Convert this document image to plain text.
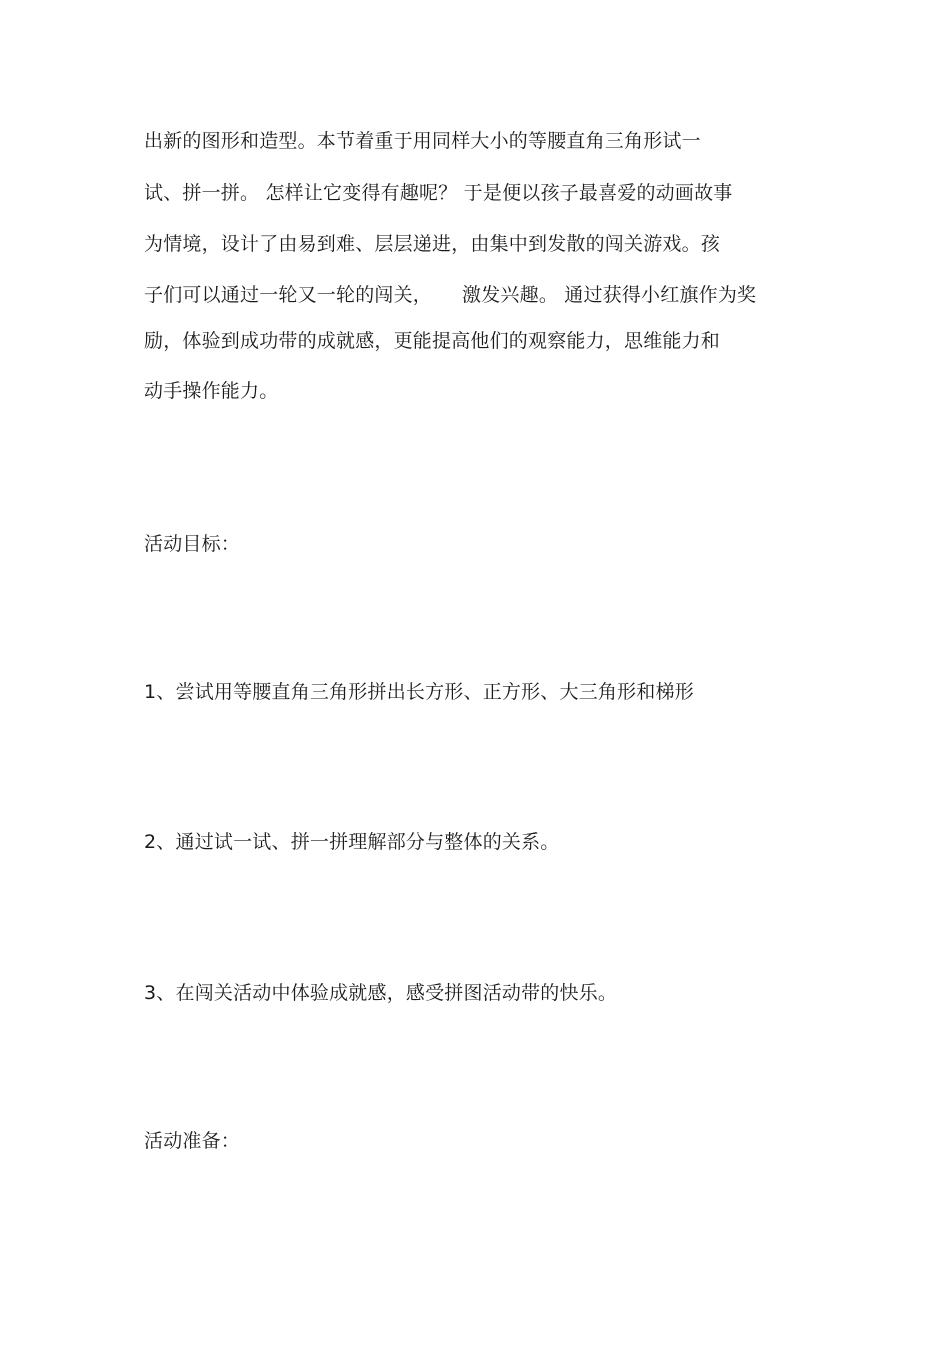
出新的图形和造型。本节着重于用同样大小的等腰直角三角形试一
试、拼一拼。 怎样让它变得有趣呢？ 于是便以孩子最喜爱的动画故事
为情境，设计了由易到难、层层递进，由集中到发散的闯关游戏。孩
子们可以通过一轮又一轮的闯关， 激发兴趣。 通过获得小红旗作为奖
励，体验到成功带的成就感，更能提高他们的观察能力，思维能力和
动手操作能力。
活动目标：
1、尝试用等腰直角三角形拼出长方形、正方形、大三角形和梯形
2、通过试一试、拼一拼理解部分与整体的关系。
3、在闯关活动中体验成就感，感受拼图活动带的快乐。
活动准备：
